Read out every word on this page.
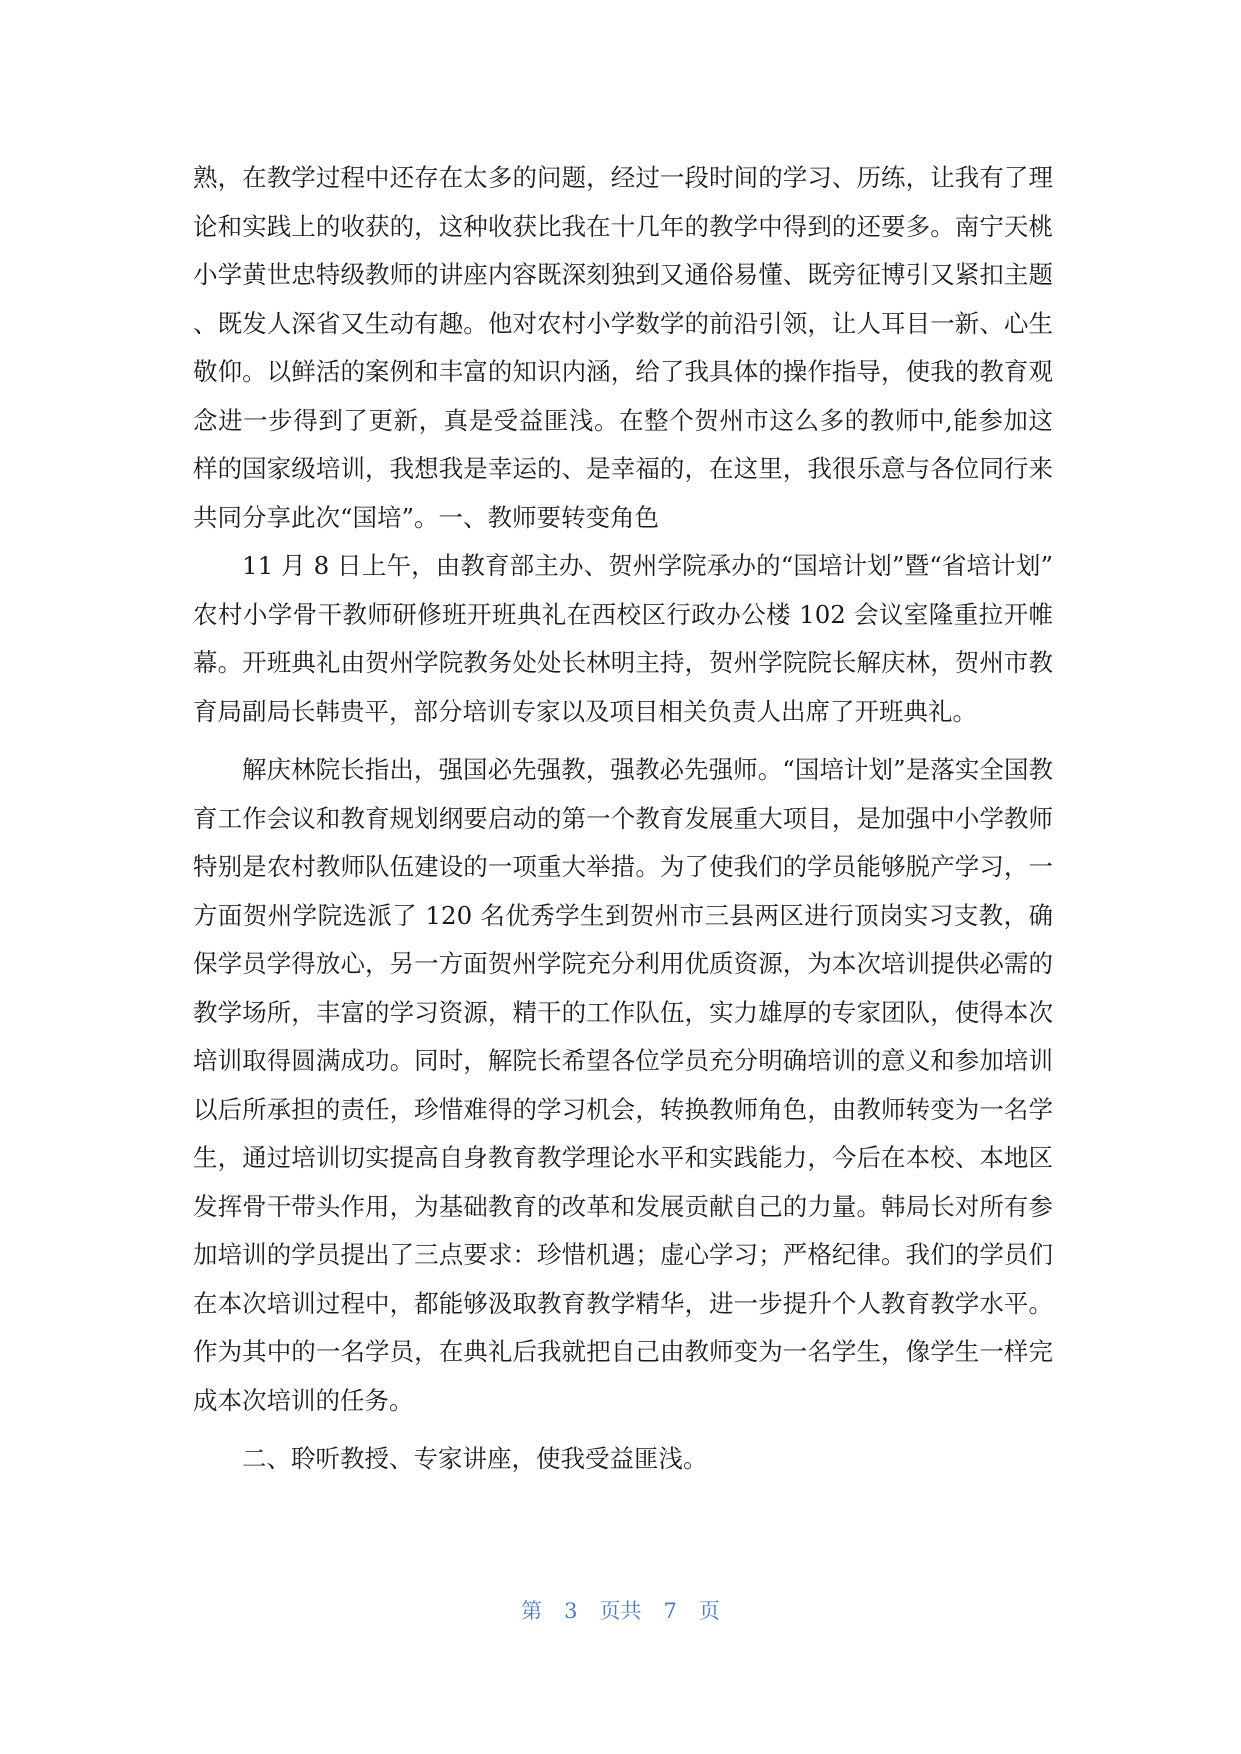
熟，在教学过程中还存在太多的问题，经过一段时间的学习、历练，让我有了理论和实践上的收获的，这种收获比我在十几年的教学中得到的还要多。南宁天桃小学黄世忠特级教师的讲座内容既深刻独到又通俗易懂、既旁征博引又紧扣主题、既发人深省又生动有趣。他对农村小学数学的前沿引领，让人耳目一新、心生敬仰。以鲜活的案例和丰富的知识内涵，给了我具体的操作指导，使我的教育观念进一步得到了更新，真是受益匪浅。在整个贺州市这么多的教师中,能参加这样的国家级培训，我想我是幸运的、是幸福的，在这里，我很乐意与各位同行来共同分享此次“国培”。一、教师要转变角色

11 月 8 日上午，由教育部主办、贺州学院承办的“国培计划”暨“省培计划”农村小学骨干教师研修班开班典礼在西校区行政办公楼 102 会议室隆重拉开帷幕。开班典礼由贺州学院教务处处长林明主持，贺州学院院长解庆林，贺州市教育局副局长韩贵平，部分培训专家以及项目相关负责人出席了开班典礼。

解庆林院长指出，强国必先强教，强教必先强师。“国培计划”是落实全国教育工作会议和教育规划纲要启动的第一个教育发展重大项目，是加强中小学教师特别是农村教师队伍建设的一项重大举措。为了使我们的学员能够脱产学习，一方面贺州学院选派了 120 名优秀学生到贺州市三县两区进行顶岗实习支教，确保学员学得放心，另一方面贺州学院充分利用优质资源，为本次培训提供必需的教学场所，丰富的学习资源，精干的工作队伍，实力雄厚的专家团队，使得本次培训取得圆满成功。同时，解院长希望各位学员充分明确培训的意义和参加培训以后所承担的责任，珍惜难得的学习机会，转换教师角色，由教师转变为一名学生，通过培训切实提高自身教育教学理论水平和实践能力，今后在本校、本地区发挥骨干带头作用，为基础教育的改革和发展贡献自己的力量。韩局长对所有参加培训的学员提出了三点要求：珍惜机遇；虚心学习；严格纪律。我们的学员们在本次培训过程中，都能够汲取教育教学精华，进一步提升个人教育教学水平。作为其中的一名学员，在典礼后我就把自己由教师变为一名学生，像学生一样完成本次培训的任务。

二、聆听教授、专家讲座，使我受益匪浅。

第 3 页共 7 页
